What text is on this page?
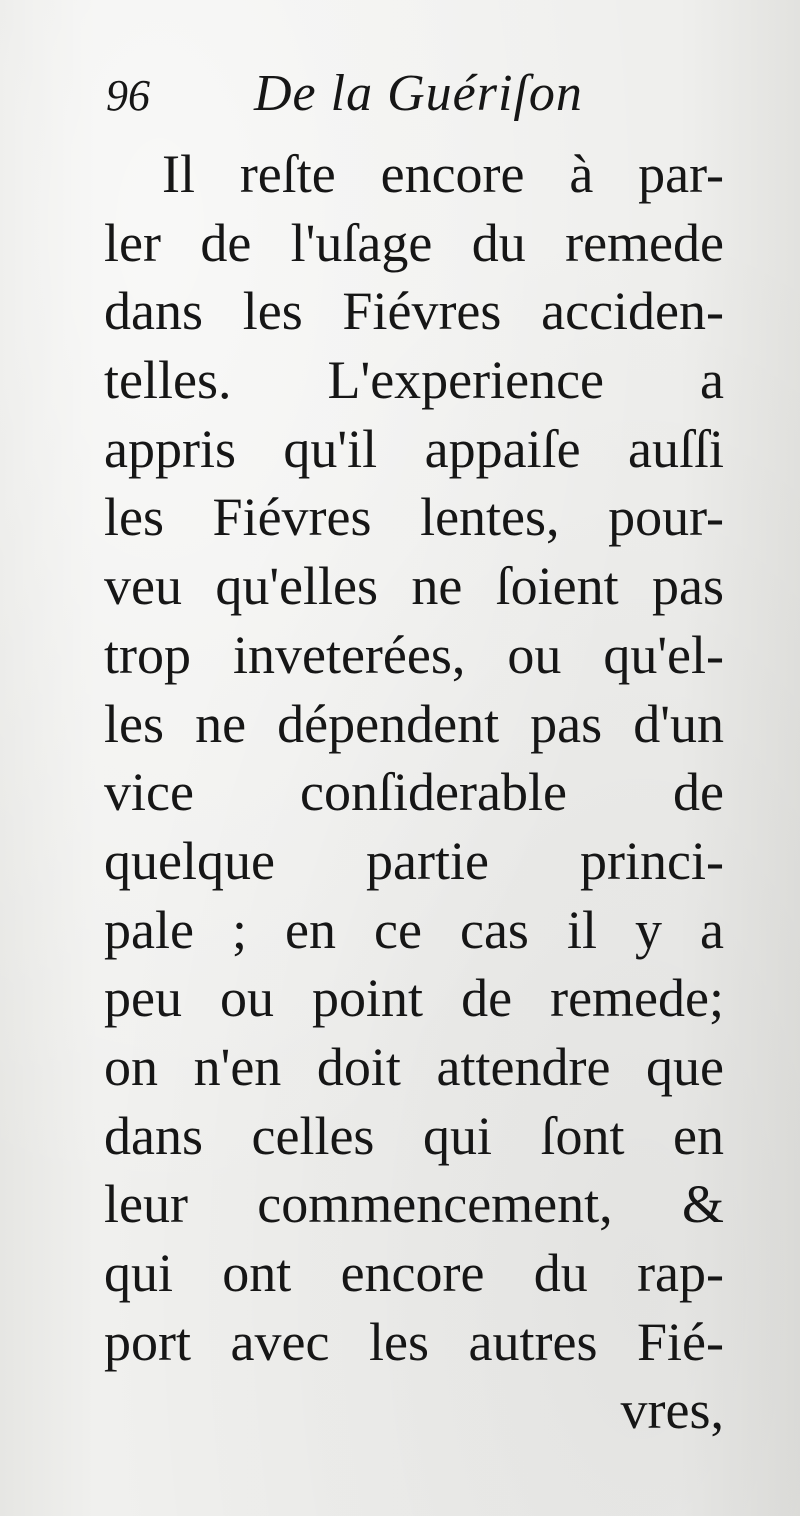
96 De la Guériſon
Il reſte encore à par-
ler de l'uſage du remede
dans les Fiévres acciden-
telles. L'experience a
appris qu'il appaiſe auſſi
les Fiévres lentes, pour-
veu qu'elles ne ſoient pas
trop inveterées, ou qu'el-
les ne dépendent pas d'un
vice conſiderable de
quelque partie princi-
pale ; en ce cas il y a
peu ou point de remede;
on n'en doit attendre que
dans celles qui ſont en
leur commencement, &
qui ont encore du rap-
port avec les autres Fié-
vres,
